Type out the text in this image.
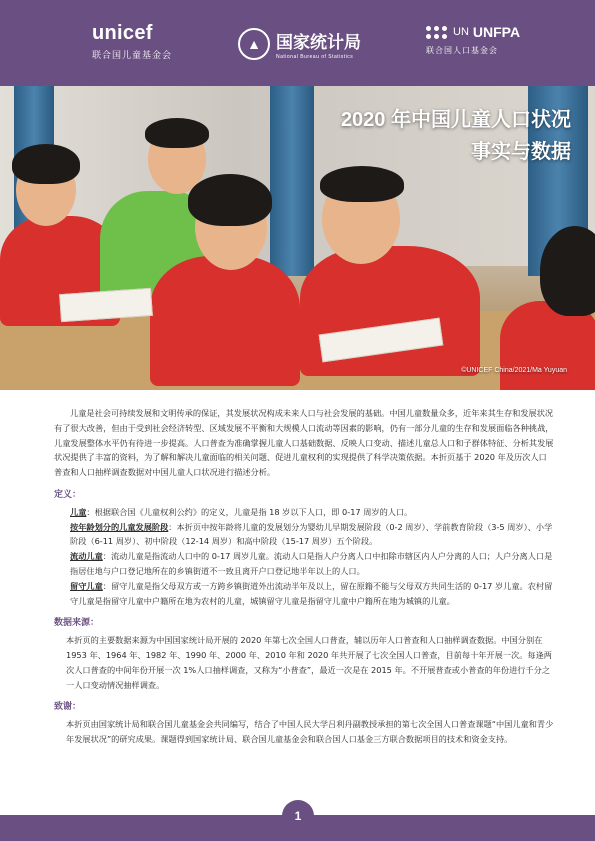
unicef
联合国儿童基金会
▲ 国家统计局
National Bureau of Statistics
UN UNFPA
联合国人口基金会
2020 年中国儿童人口状况
事实与数据
©UNICEF China/2021/Ma Yuyuan

儿童是社会可持续发展和文明传承的保证，其发展状况构成未来人口与社会发展的基础。中国儿童数量众多，近年来其生存和发展状况有了很大改善，但由于受到社会经济转型、区域发展不平衡和大规模人口流动等因素的影响，仍有一部分儿童的生存和发展面临各种挑战，儿童发展整体水平仍有待进一步提高。人口普查为准确掌握儿童人口基础数据、反映人口变动、描述儿童总人口和子群体特征、分析其发展状况提供了丰富的资料，为了解和解决儿童面临的相关问题、促进儿童权利的实现提供了科学决策依据。本折页基于 2020 年及历次人口普查和人口抽样调查数据对中国儿童人口状况进行描述分析。

定义：

儿童：根据联合国《儿童权利公约》的定义，儿童是指 18 岁以下人口，即 0-17 周岁的人口。

按年龄划分的儿童发展阶段：本折页中按年龄将儿童的发展划分为婴幼儿早期发展阶段（0-2 周岁）、学前教育阶段（3-5 周岁）、小学阶段（6-11 周岁）、初中阶段（12-14 周岁）和高中阶段（15-17 周岁）五个阶段。

流动儿童：流动儿童是指流动人口中的 0-17 周岁儿童。流动人口是指人户分离人口中扣除市辖区内人户分离的人口；人户分离人口是指居住地与户口登记地所在的乡镇街道不一致且离开户口登记地半年以上的人口。

留守儿童：留守儿童是指父母双方或一方跨乡镇街道外出流动半年及以上，留在原籍不能与父母双方共同生活的 0-17 岁儿童。农村留守儿童是指留守儿童中户籍所在地为农村的儿童，城镇留守儿童是指留守儿童中户籍所在地为城镇的儿童。

数据来源：

本折页的主要数据来源为中国国家统计局开展的 2020 年第七次全国人口普查，辅以历年人口普查和人口抽样调查数据。中国分别在 1953 年、1964 年、1982 年、1990 年、2000 年、2010 年和 2020 年共开展了七次全国人口普查，目前每十年开展一次。每逢两次人口普查的中间年份开展一次 1%人口抽样调查，又称为“小普查”，最近一次是在 2015 年。不开展普查或小普查的年份进行千分之一人口变动情况抽样调查。

致谢：

本折页由国家统计局和联合国儿童基金会共同编写，结合了中国人民大学吕利丹副教授承担的第七次全国人口普查课题“中国儿童和青少年发展状况”的研究成果。课题得到国家统计局、联合国儿童基金会和联合国人口基金三方联合数据项目的技术和资金支持。

1
